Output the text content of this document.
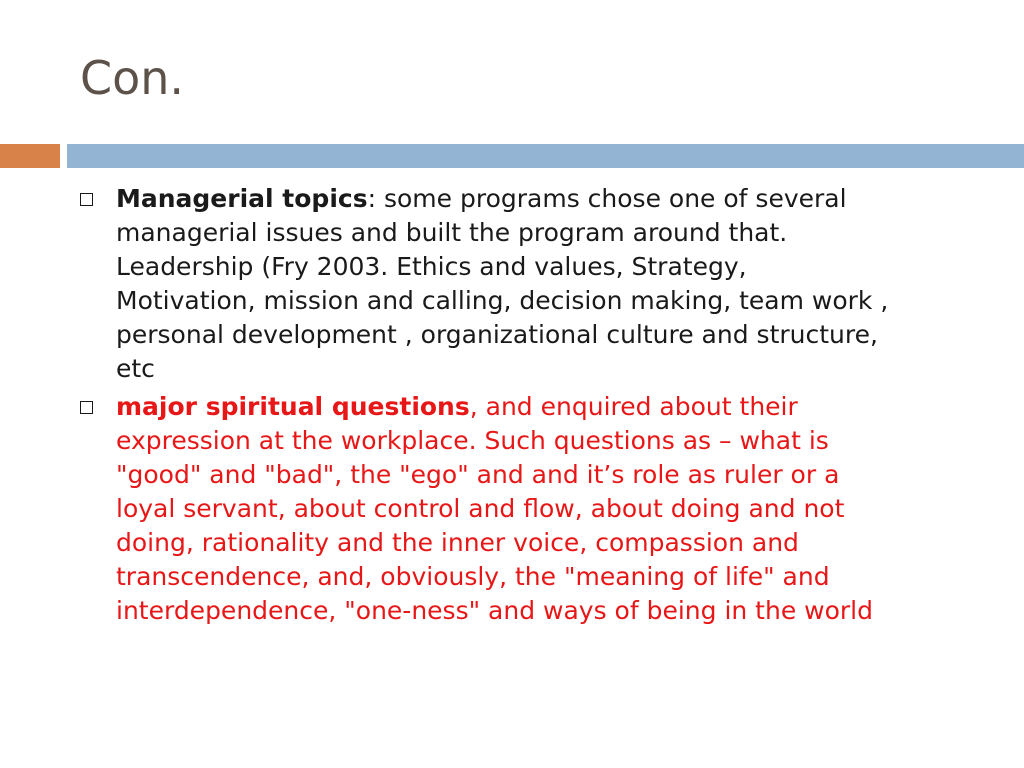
Con.
Managerial topics: some programs chose one of several
managerial issues and built the program around that.
Leadership (Fry 2003. Ethics and values, Strategy,
Motivation, mission and calling, decision making, team work ,
personal development , organizational culture and structure,
etc
major spiritual questions, and enquired about their
expression at the workplace. Such questions as – what is
"good" and "bad", the "ego" and and it’s role as ruler or a
loyal servant, about control and flow, about doing and not
doing, rationality and the inner voice, compassion and
transcendence, and, obviously, the "meaning of life" and
interdependence, "one-ness" and ways of being in the world
